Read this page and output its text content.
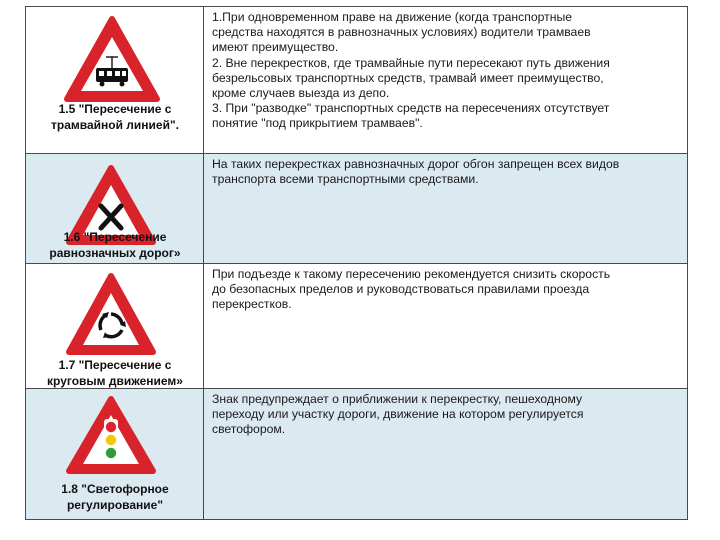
1.5 "Пересечение с
трамвайной линией".
1.При одновременном праве на движение (когда транспортные
средства находятся в равнозначных условиях) водители трамваев
имеют преимущество.
2. Вне перекрестков, где трамвайные пути пересекают путь движения
безрельсовых транспортных средств, трамвай имеет преимущество,
кроме случаев выезда из депо.
3. При "разводке" транспортных средств на пересечениях отсутствует
понятие "под прикрытием трамваев".
1.6 "Пересечение
равнозначных дорог»
На таких перекрестках равнозначных дорог обгон запрещен всех видов
транспорта всеми транспортными средствами.
1.7 "Пересечение с
круговым движением»
При подъезде к такому пересечению рекомендуется снизить скорость
до безопасных пределов и руководствоваться правилами проезда
перекрестков.
1.8 "Светофорное
регулирование"
Знак предупреждает о приближении к перекрестку, пешеходному
переходу или участку дороги, движение на котором регулируется
светофором.
